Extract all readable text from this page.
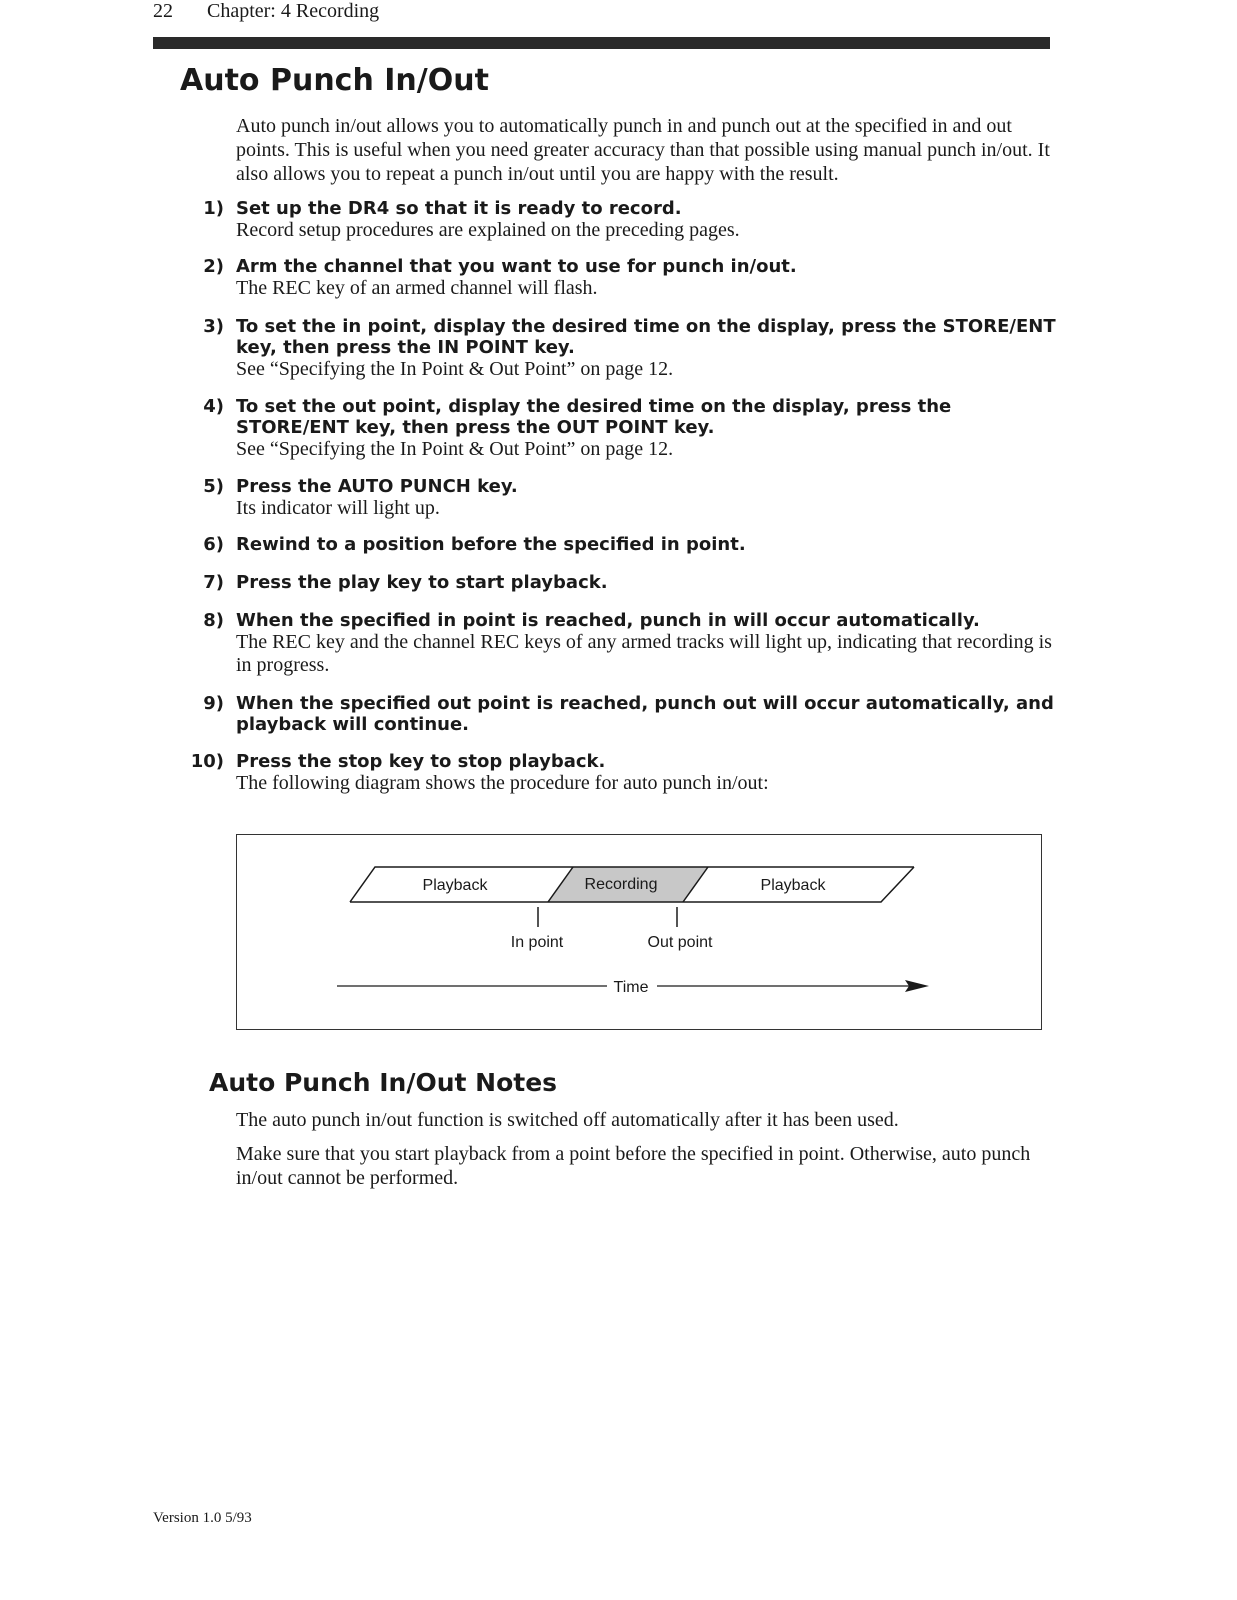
22 Chapter: 4 Recording
Auto Punch In/Out

Auto punch in/out allows you to automatically punch in and punch out at the specified in and out points. This is useful when you need greater accuracy than that possible using manual punch in/out. It also allows you to repeat a punch in/out until you are happy with the result.

1) Set up the DR4 so that it is ready to record.
Record setup procedures are explained on the preceding pages.
2) Arm the channel that you want to use for punch in/out.
The REC key of an armed channel will flash.
3) To set the in point, display the desired time on the display, press the STORE/ENT key, then press the IN POINT key.
See “Specifying the In Point & Out Point” on page 12.
4) To set the out point, display the desired time on the display, press the STORE/ENT key, then press the OUT POINT key.
See “Specifying the In Point & Out Point” on page 12.
5) Press the AUTO PUNCH key.
Its indicator will light up.
6) Rewind to a position before the specified in point.
7) Press the play key to start playback.
8) When the specified in point is reached, punch in will occur automatically.
The REC key and the channel REC keys of any armed tracks will light up, indicating that recording is in progress.
9) When the specified out point is reached, punch out will occur automatically, and playback will continue.
10) Press the stop key to stop playback.
The following diagram shows the procedure for auto punch in/out:
Playback	Recording	Playback
In point	Out point
Time
Auto Punch In/Out Notes

The auto punch in/out function is switched off automatically after it has been used.

Make sure that you start playback from a point before the specified in point. Otherwise, auto punch in/out cannot be performed.

Version 1.0 5/93
